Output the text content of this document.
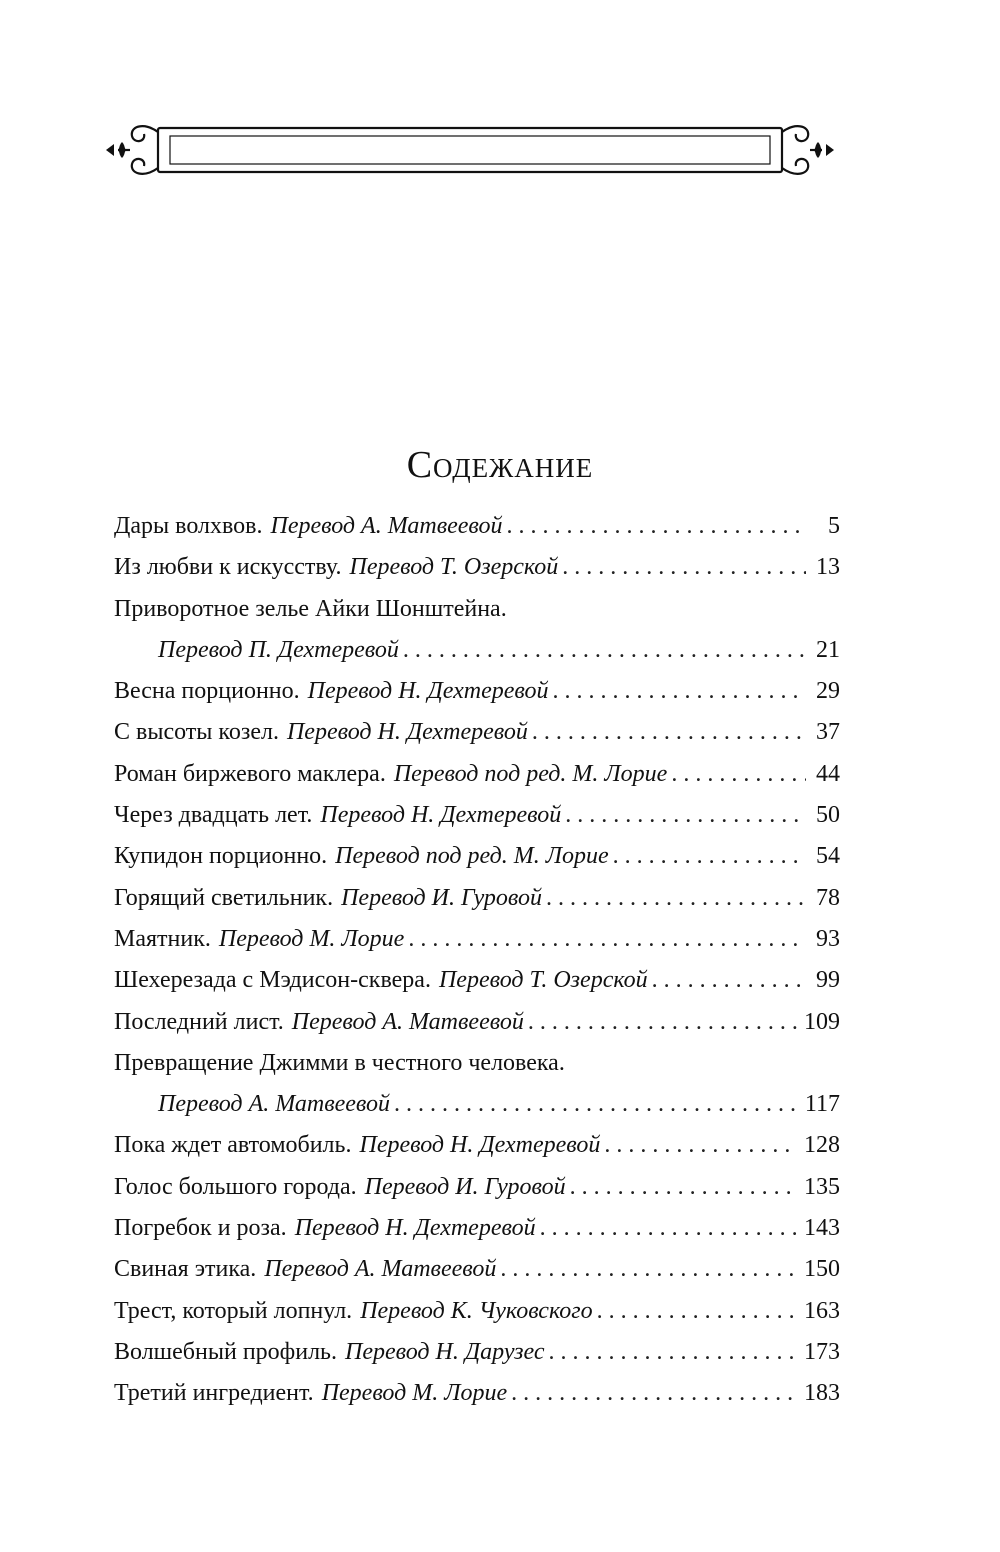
Содежание
Дары волхвов. Перевод А. Матвеевой . . .	5
Из любви к искусству. Перевод Т. Озерской . . .	13
Приворотное зелье Айки Шонштейна.
Перевод П. Дехтеревой . . .	21
Весна порционно. Перевод Н. Дехтеревой . . .	29
С высоты козел. Перевод Н. Дехтеревой . . .	37
Роман биржевого маклера. Перевод под ред. М. Лорие . . .	44
Через двадцать лет. Перевод Н. Дехтеревой . . .	50
Купидон порционно. Перевод под ред. М. Лорие . . .	54
Горящий светильник. Перевод И. Гуровой . . .	78
Маятник. Перевод М. Лорие . . .	93
Шехерезада с Мэдисон-сквера. Перевод Т. Озерской . . .	99
Последний лист. Перевод А. Матвеевой . . .	109
Превращение Джимми в честного человека.
Перевод А. Матвеевой . . .	117
Пока ждет автомобиль. Перевод Н. Дехтеревой . . .	128
Голос большого города. Перевод И. Гуровой . . .	135
Погребок и роза. Перевод Н. Дехтеревой . . .	143
Свиная этика. Перевод А. Матвеевой . . .	150
Трест, который лопнул. Перевод К. Чуковского . . .	163
Волшебный профиль. Перевод Н. Дарузес . . .	173
Третий ингредиент. Перевод М. Лорие . . .	183
